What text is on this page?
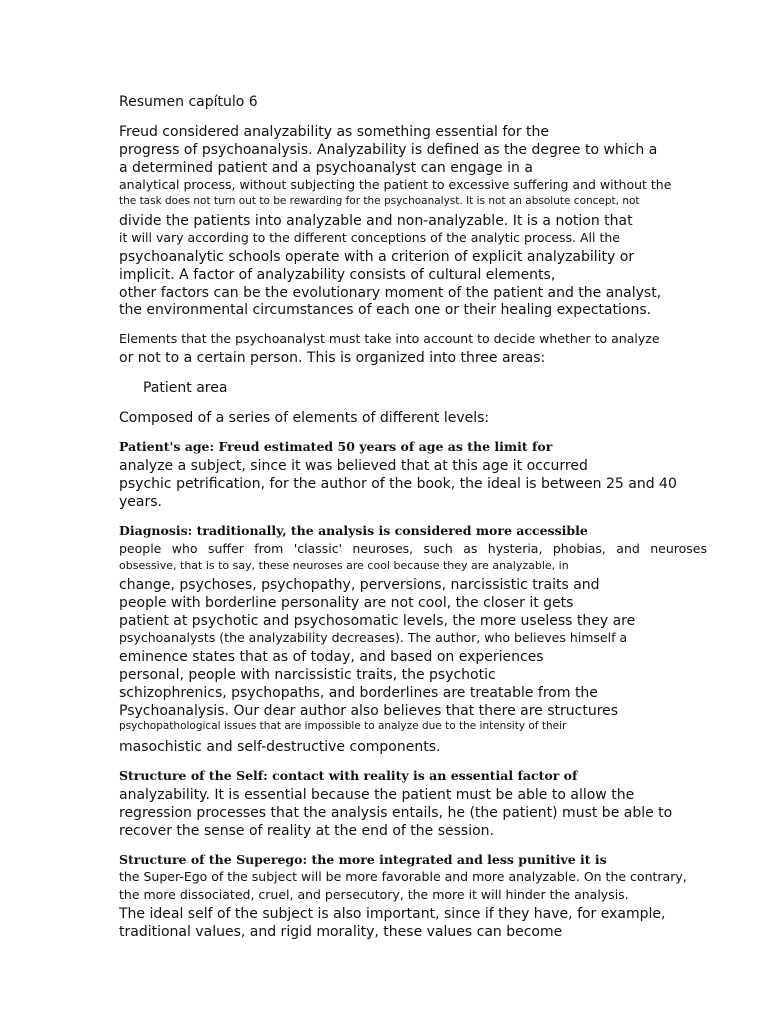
Resumen capítulo 6
Freud considered analyzability as something essential for the
progress of psychoanalysis. Analyzability is defined as the degree to which a
a determined patient and a psychoanalyst can engage in a
analytical process, without subjecting the patient to excessive suffering and without the
the task does not turn out to be rewarding for the psychoanalyst. It is not an absolute concept, not
divide the patients into analyzable and non-analyzable. It is a notion that
it will vary according to the different conceptions of the analytic process. All the
psychoanalytic schools operate with a criterion of explicit analyzability or
implicit. A factor of analyzability consists of cultural elements,
other factors can be the evolutionary moment of the patient and the analyst,
the environmental circumstances of each one or their healing expectations.
Elements that the psychoanalyst must take into account to decide whether to analyze
or not to a certain person. This is organized into three areas:
Patient area
Composed of a series of elements of different levels:
Patient's age: Freud estimated 50 years of age as the limit for
analyze a subject, since it was believed that at this age it occurred
psychic petrification, for the author of the book, the ideal is between 25 and 40
years.
Diagnosis: traditionally, the analysis is considered more accessible
people who suffer from 'classic' neuroses, such as hysteria, phobias, and neuroses
obsessive, that is to say, these neuroses are cool because they are analyzable, in
change, psychoses, psychopathy, perversions, narcissistic traits and
people with borderline personality are not cool, the closer it gets
patient at psychotic and psychosomatic levels, the more useless they are
psychoanalysts (the analyzability decreases). The author, who believes himself a
eminence states that as of today, and based on experiences
personal, people with narcissistic traits, the psychotic
schizophrenics, psychopaths, and borderlines are treatable from the
Psychoanalysis. Our dear author also believes that there are structures
psychopathological issues that are impossible to analyze due to the intensity of their
masochistic and self-destructive components.
Structure of the Self: contact with reality is an essential factor of
analyzability. It is essential because the patient must be able to allow the
regression processes that the analysis entails, he (the patient) must be able to
recover the sense of reality at the end of the session.
Structure of the Superego: the more integrated and less punitive it is
the Super-Ego of the subject will be more favorable and more analyzable. On the contrary,
the more dissociated, cruel, and persecutory, the more it will hinder the analysis.
The ideal self of the subject is also important, since if they have, for example,
traditional values, and rigid morality, these values can become
